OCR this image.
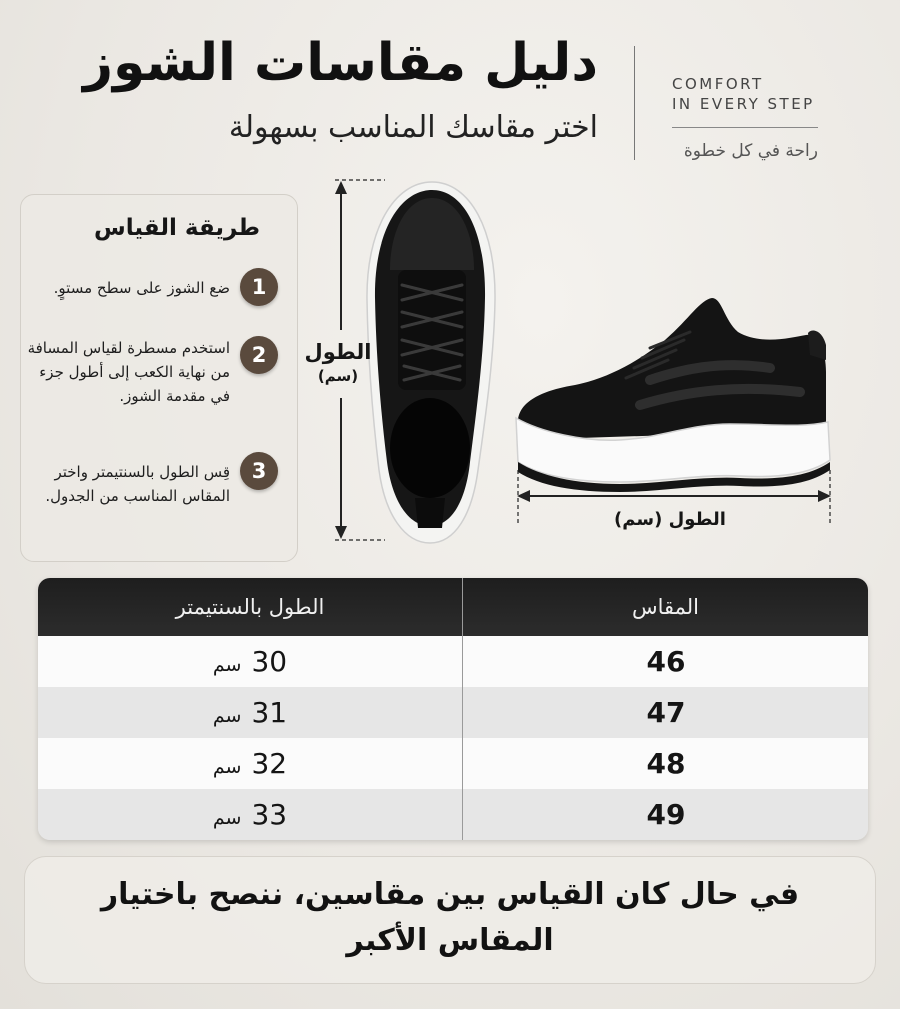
دليل مقاسات الشوز
اختر مقاسك المناسب بسهولة
COMFORT
IN EVERY STEP
راحة في كل خطوة
طريقة القياس
1
ضع الشوز على سطح مستوٍ.
2
استخدم مسطرة لقياس المسافة من نهاية الكعب إلى أطول جزء في مقدمة الشوز.
3
قِس الطول بالسنتيمتر واختر المقاس المناسب من الجدول.
الطول
(سم)
الطول (سم)
الطول بالسنتيمتر	المقاس
30سم	46
31سم	47
32سم	48
33سم	49
في حال كان القياس بين مقاسين، ننصح باختيار المقاس الأكبر
